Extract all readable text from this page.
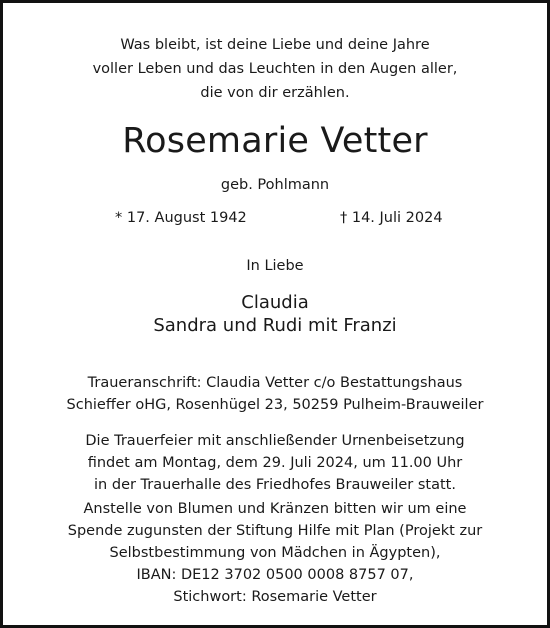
Was bleibt, ist deine Liebe und deine Jahre
voller Leben und das Leuchten in den Augen aller,
die von dir erzählen.
Rosemarie Vetter
geb. Pohlmann
* 17. August 1942	† 14. Juli 2024
In Liebe
Claudia
Sandra und Rudi mit Franzi
Traueranschrift: Claudia Vetter c/o Bestattungshaus
Schieffer oHG, Rosenhügel 23, 50259 Pulheim-Brauweiler
Die Trauerfeier mit anschließender Urnenbeisetzung
findet am Montag, dem 29. Juli 2024, um 11.00 Uhr
in der Trauerhalle des Friedhofes Brauweiler statt.
Anstelle von Blumen und Kränzen bitten wir um eine
Spende zugunsten der Stiftung Hilfe mit Plan (Projekt zur
Selbstbestimmung von Mädchen in Ägypten),
IBAN: DE12 3702 0500 0008 8757 07,
Stichwort: Rosemarie Vetter
